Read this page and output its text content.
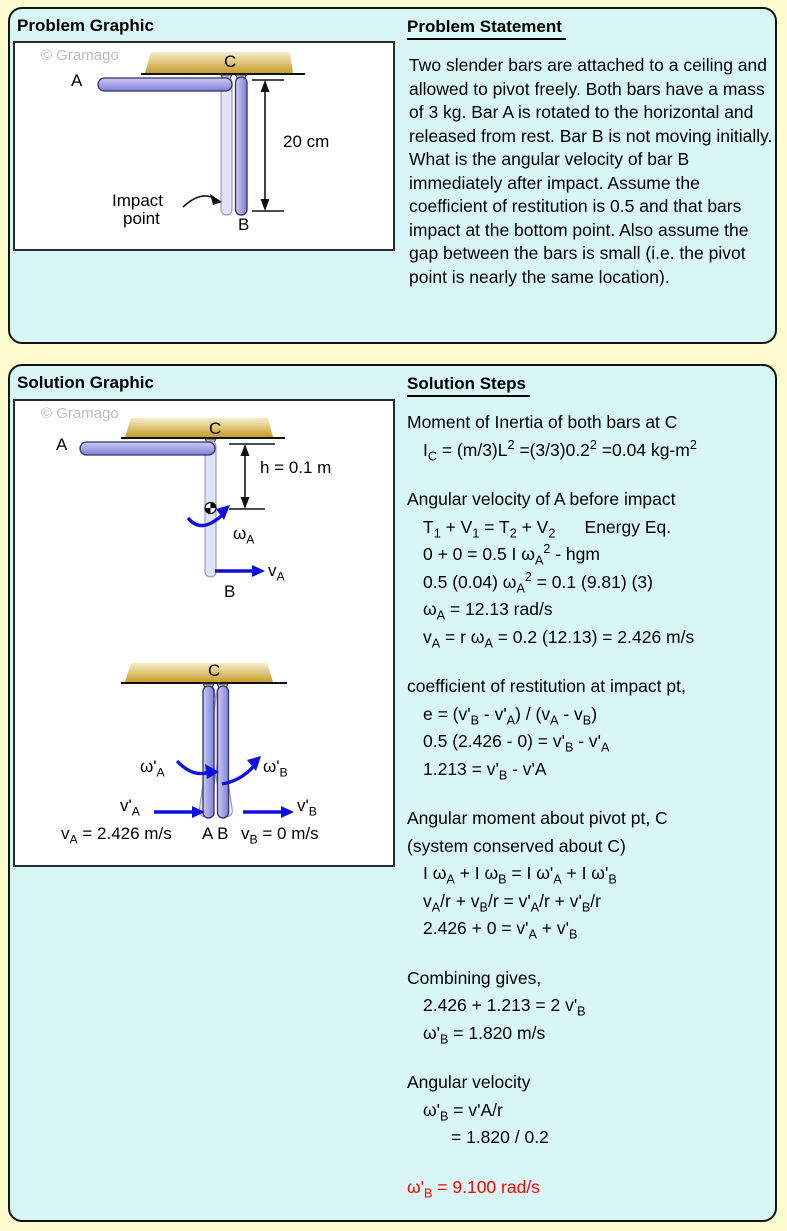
Problem Graphic
© Gramago	C
A
B
20 cm
Impact
point
Problem Statement
Two slender bars are attached to a ceiling and allowed to pivot freely. Both bars have a mass of 3 kg. Bar A is rotated to the horizontal and released from rest. Bar B is not moving initially. What is the angular velocity of bar B immediately after impact. Assume the coefficient of restitution is 0.5 and that bars impact at the bottom point. Also assume the gap between the bars is small (i.e. the pivot point is nearly the same location).
Solution Graphic
© Gramago
C
A
h = 0.1 m
$\omega_A$
$v_A$
B
C
$\omega'_A$	$\omega'_B$
$v'_A$	$v'_B$
$v_A = 2.426$ m/s A B $v_B = 0$ m/s
Solution Steps
Moment of Inertia of both bars at C
$I_C = (m/3)L^2 =(3/3)0.2^2 =0.04$ $kg-m^2$
Angular velocity of A before impact
$T_1 + V_1 = T_2 + V_2$      Energy Eq.
0 + 0 = 0.5 I $\omega_A^2$ - hgm
0.5 (0.04) $\omega_A^2 = 0.1$ (9.81) (3)
$\omega_A = 12.13$ rad/s
$v_A = r$ $\omega_A = 0.2$ (12.13) = 2.426 m/s
coefficient of restitution at impact pt,
$e = (v'_B - v'_A) / (v_A - v_B)$
0.5 $(2.426 - 0) = v'_B - v'_A$
$1.213 = v'_B - v'A$
Angular moment about pivot pt, C
(system conserved about C)
I $\omega_A + I$ $\omega_B = I$ $\omega'_A + I$ $\omega'_B$
$v_A/r + v_B/r = v'_A/r + v'_B/r$
$2.426 + 0 = v'_A + v'_B$
Combining gives,
2.426 + 1.213 = 2 $v'_B$
$\omega'_B = 1.820$ m/s
Angular velocity
$\omega'_B = v'A/r$
= 1.820 / 0.2
$\omega'_B = 9.100$ rad/s
